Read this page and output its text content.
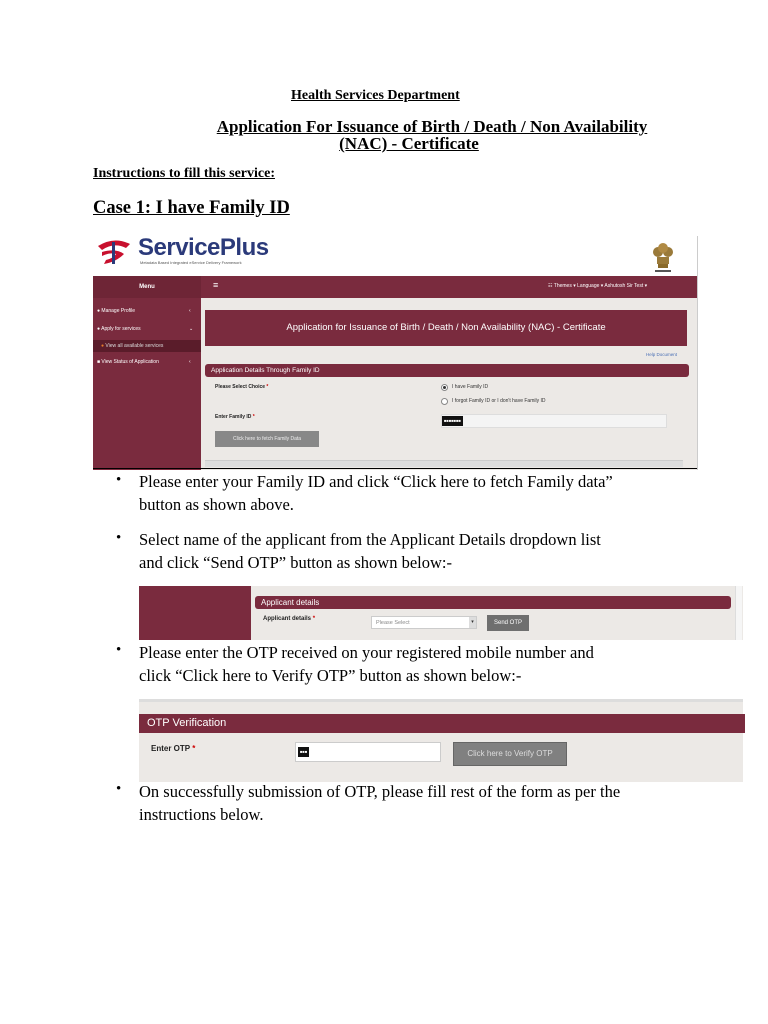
Health Services Department
Application For Issuance of Birth / Death / Non Availability
(NAC) - Certificate
Instructions to fill this service:
Case 1: I have Family ID
ServicePlus
Metadata Based Integrated eService Delivery Framework
Menu	≡	☷ Themes ▾ Language ▾ Ashutosh Sir Test ▾
● Manage Profile	‹
● Apply for services	⌄
● View all available services
■ View Status of Application	‹
Application for Issuance of Birth / Death / Non Availability (NAC) - Certificate
Help Document
Application Details Through Family ID
Please Select Choice *	I have Family ID
I forgot Family ID or I don't have Family ID
Enter Family ID *
■■■■■■■
Click here to fetch Family Data
• Please enter your Family ID and click “Click here to fetch Family data”
button as shown above.
• Select name of the applicant from the Applicant Details dropdown list
and click “Send OTP” button as shown below:-
Applicant details
Applicant details *
Please Select	▾	Send OTP
• Please enter the OTP received on your registered mobile number and
click “Click here to Verify OTP” button as shown below:-
OTP Verification
Enter OTP *	■■■	Click here to Verify OTP
• On successfully submission of OTP, please fill rest of the form as per the
instructions below.
